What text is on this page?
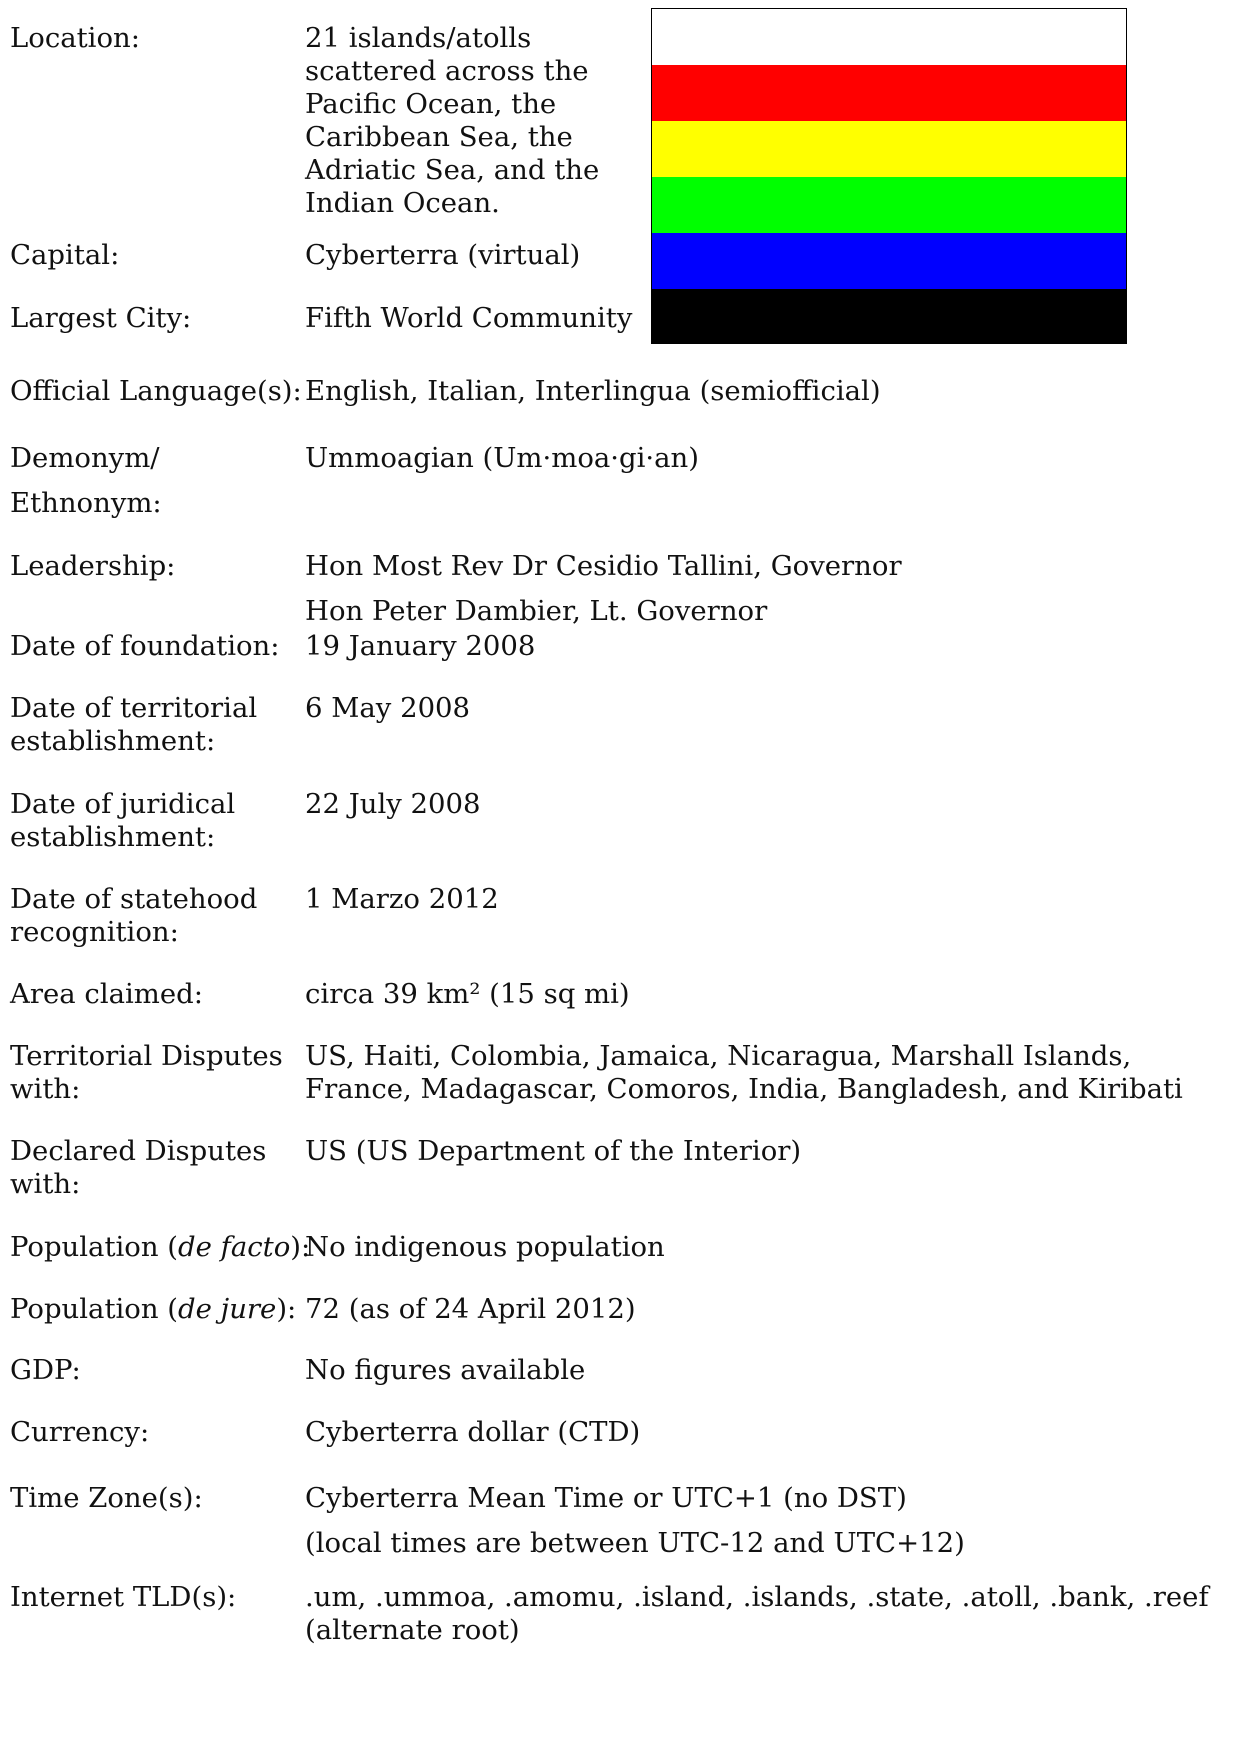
Location:	21 islands/atolls
scattered across the
Pacific Ocean, the
Caribbean Sea, the
Adriatic Sea, and the
Indian Ocean.
Capital:	Cyberterra (virtual)
Largest City:	Fifth World Community
Official Language(s): English, Italian, Interlingua (semiofficial)
Demonym/
Ethnonym:
Ummoagian (Um·moa·gi·an)
Leadership:	Hon Most Rev Dr Cesidio Tallini, Governor
Hon Peter Dambier, Lt. Governor
Date of foundation: 19 January 2008
Date of territorial
establishment:
6 May 2008
Date of juridical
establishment:
22 July 2008
Date of statehood
recognition:
1 Marzo 2012
Area claimed:	circa 39 km² (15 sq mi)
Territorial Disputes
with:
US, Haiti, Colombia, Jamaica, Nicaragua, Marshall Islands,
France, Madagascar, Comoros, India, Bangladesh, and Kiribati
Declared Disputes
with:
US (US Department of the Interior)
Population (de facto):
No indigenous population
Population (de jure): 72 (as of 24 April 2012)
GDP:	No figures available
Currency:	Cyberterra dollar (CTD)
Time Zone(s):	Cyberterra Mean Time or UTC+1 (no DST)
(local times are between UTC-12 and UTC+12)
Internet TLD(s): .um, .ummoa, .amomu, .island, .islands, .state, .atoll, .bank, .reef
(alternate root)
